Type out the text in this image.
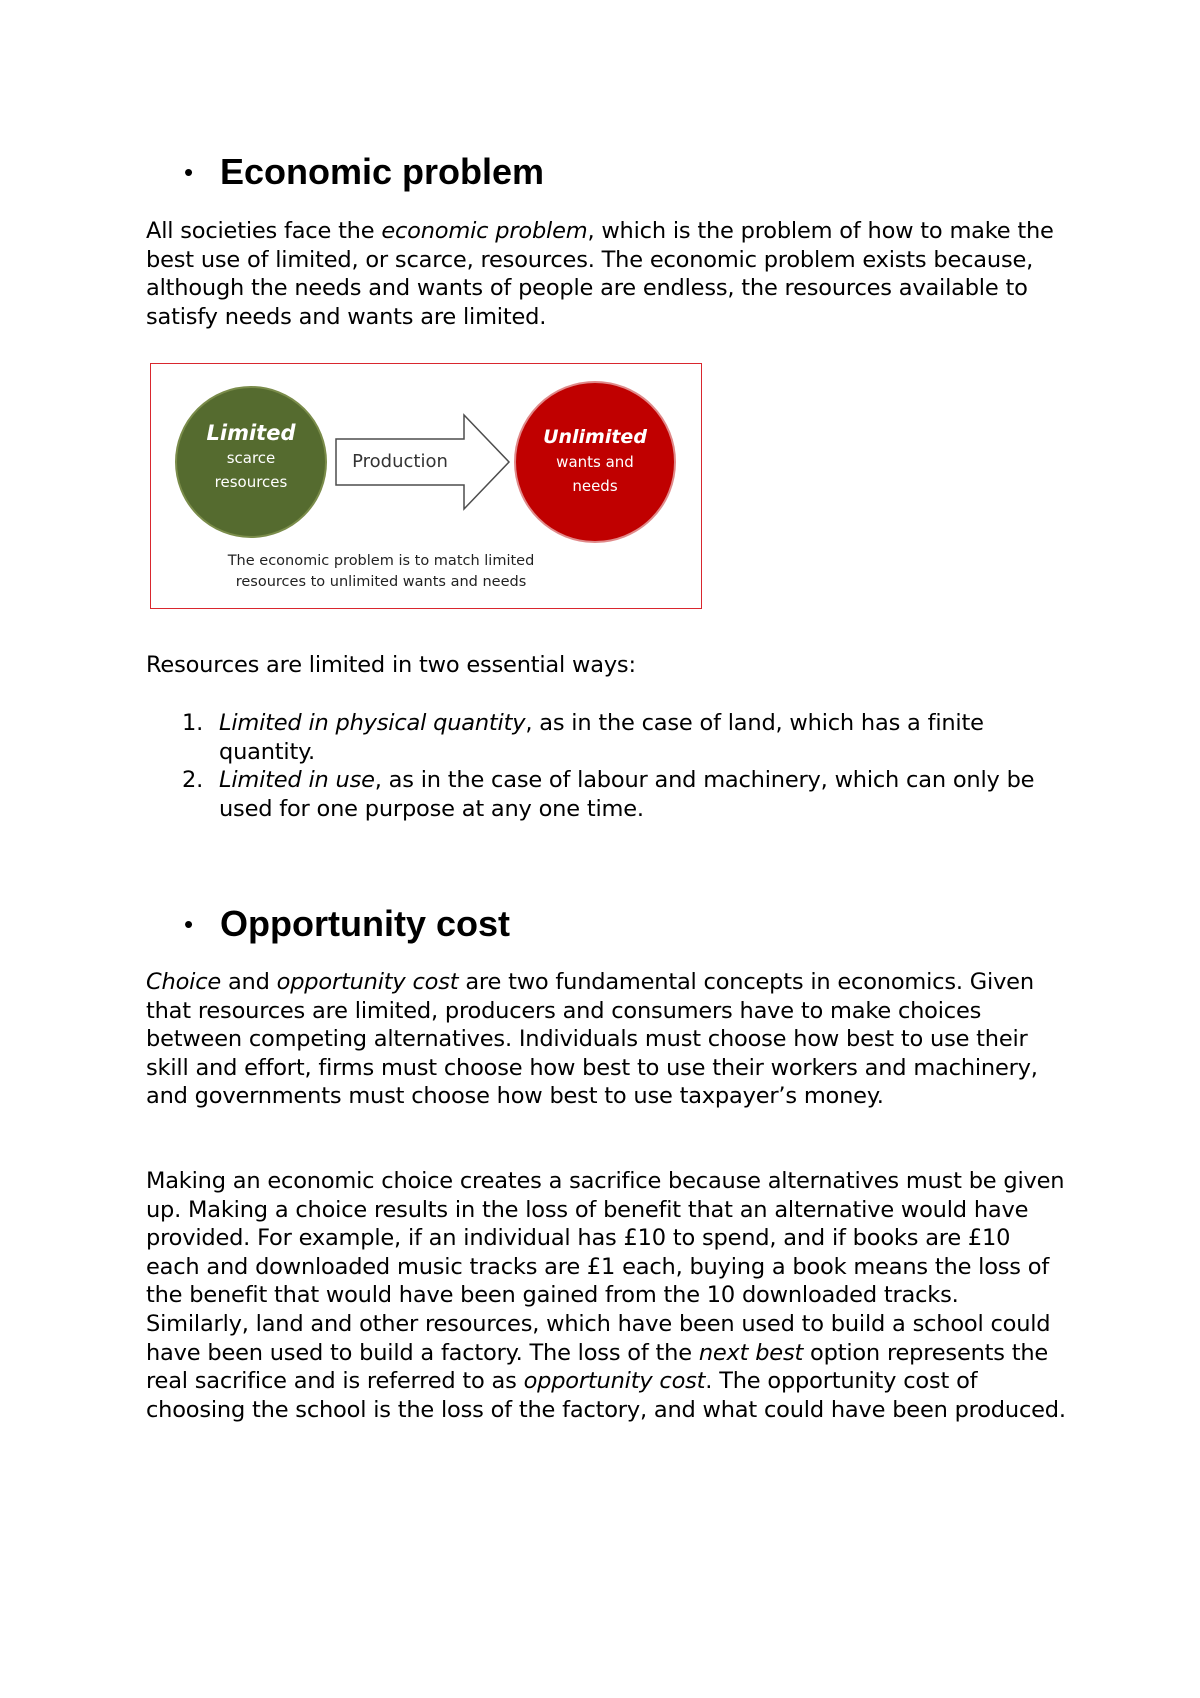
• Economic problem

All societies face the economic problem, which is the problem of how to make the best use of limited, or scarce, resources. The economic problem exists because, although the needs and wants of people are endless, the resources available to satisfy needs and wants are limited.

Limited
scarce
resources
Production
Unlimited
wants and
needs
The economic problem is to match limited
resources to unlimited wants and needs

Resources are limited in two essential ways:

1. Limited in physical quantity, as in the case of land, which has a finite quantity.
2. Limited in use, as in the case of labour and machinery, which can only be used for one purpose at any one time.
• Opportunity cost

Choice and opportunity cost are two fundamental concepts in economics. Given that resources are limited, producers and consumers have to make choices between competing alternatives. Individuals must choose how best to use their skill and effort, firms must choose how best to use their workers and machinery, and governments must choose how best to use taxpayer’s money.

Making an economic choice creates a sacrifice because alternatives must be given up. Making a choice results in the loss of benefit that an alternative would have provided. For example, if an individual has £10 to spend, and if books are £10 each and downloaded music tracks are £1 each, buying a book means the loss of the benefit that would have been gained from the 10 downloaded tracks. Similarly, land and other resources, which have been used to build a school could have been used to build a factory. The loss of the next best option represents the real sacrifice and is referred to as opportunity cost. The opportunity cost of choosing the school is the loss of the factory, and what could have been produced.
